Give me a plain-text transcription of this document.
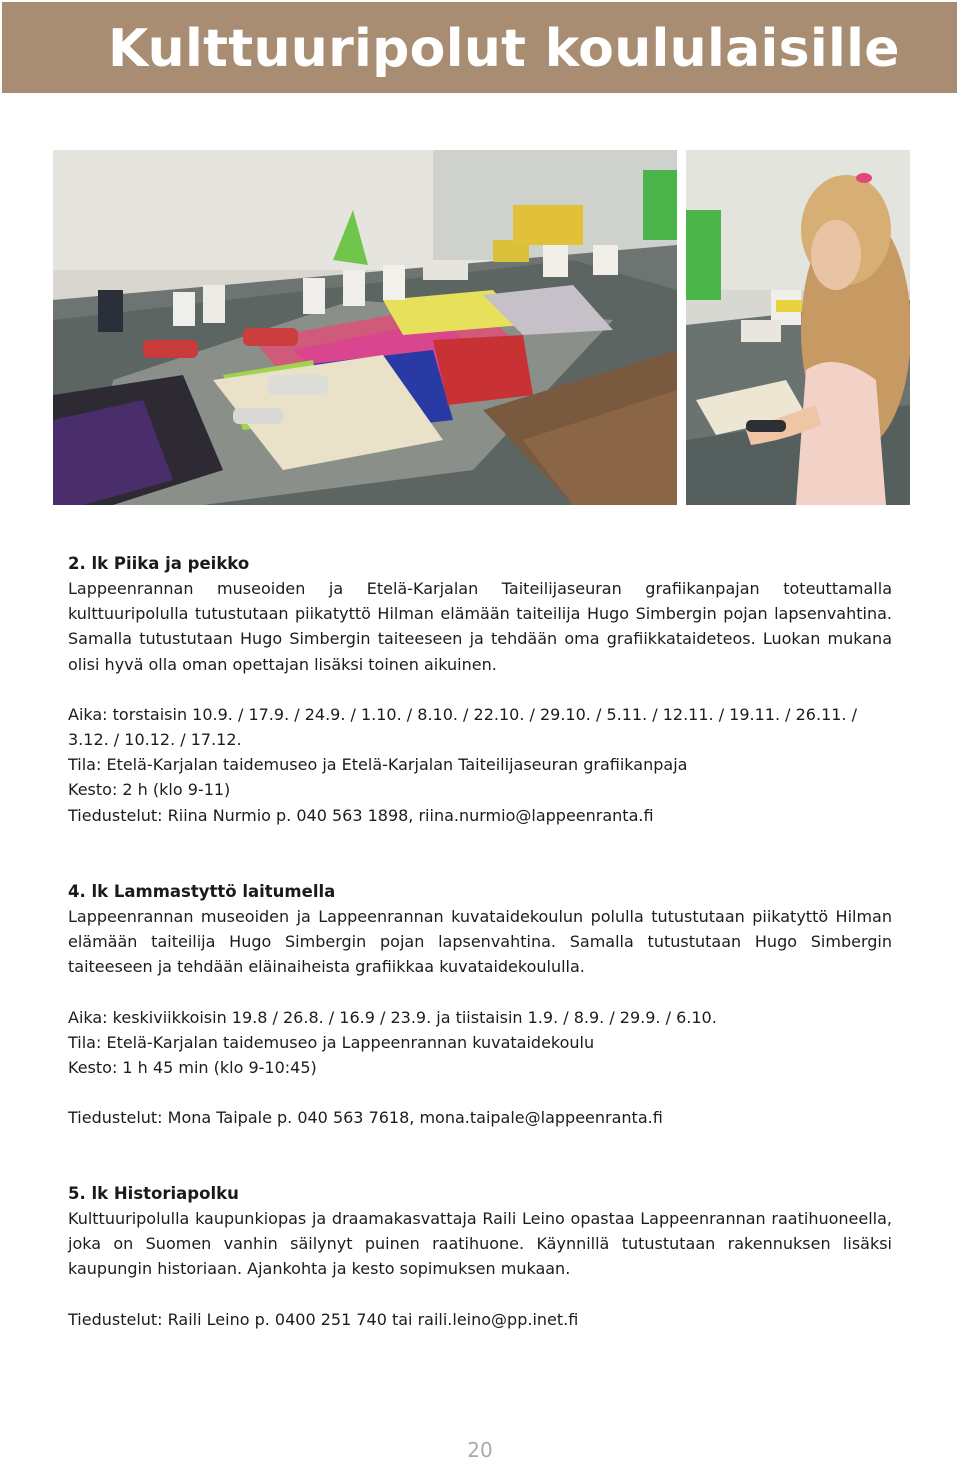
Kulttuuripolut koululaisille
2. lk Piika ja peikko

Lappeenrannan museoiden ja Etelä-Karjalan Taiteilijaseuran grafiikanpajan toteuttamalla kulttuuripolulla tutustutaan piikatyttö Hilman elämään taiteilija Hugo Simbergin pojan lapsenvahtina. Samalla tutustutaan Hugo Simbergin taiteeseen ja tehdään oma grafiikkataideteos. Luokan mukana olisi hyvä olla oman opettajan lisäksi toinen aikuinen.

Aika: torstaisin 10.9. / 17.9. / 24.9. / 1.10. / 8.10. / 22.10. / 29.10. / 5.11. / 12.11. / 19.11. / 26.11. / 3.12. / 10.12. / 17.12.
Tila: Etelä-Karjalan taidemuseo ja Etelä-Karjalan Taiteilijaseuran grafiikanpaja
Kesto: 2 h (klo 9-11)
Tiedustelut: Riina Nurmio p. 040 563 1898, riina.nurmio@lappeenranta.fi
4. lk Lammastyttö laitumella

Lappeenrannan museoiden ja Lappeenrannan kuvataidekoulun polulla tutustutaan piikatyttö Hilman elämään taiteilija Hugo Simbergin pojan lapsenvahtina. Samalla tutustutaan Hugo Simbergin taiteeseen ja tehdään eläinaiheista grafiikkaa kuvataidekoululla.

Aika: keskiviikkoisin 19.8 / 26.8. / 16.9 / 23.9. ja tiistaisin 1.9. / 8.9. / 29.9. / 6.10.
Tila: Etelä-Karjalan taidemuseo ja Lappeenrannan kuvataidekoulu
Kesto: 1 h 45 min (klo 9-10:45)
Tiedustelut: Mona Taipale p. 040 563 7618, mona.taipale@lappeenranta.fi
5. lk Historiapolku

Kulttuuripolulla kaupunkiopas ja draamakasvattaja Raili Leino opastaa Lappeenrannan raatihuoneella, joka on Suomen vanhin säilynyt puinen raatihuone. Käynnillä tutustutaan rakennuksen lisäksi kaupungin historiaan. Ajankohta ja kesto sopimuksen mukaan.

Tiedustelut: Raili Leino p. 0400 251 740 tai raili.leino@pp.inet.fi
20
